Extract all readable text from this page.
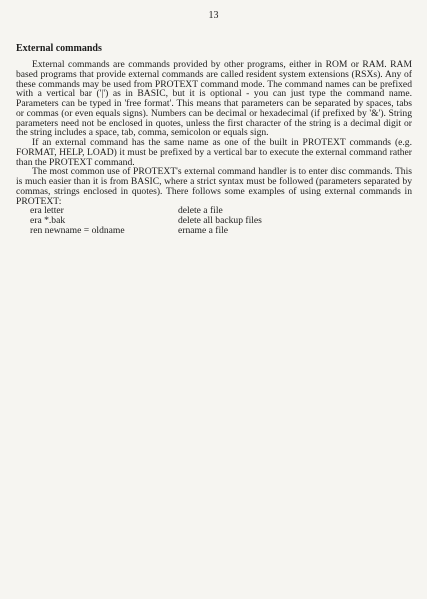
13
External commands

External commands are commands provided by other programs, either in ROM or RAM. RAM based programs that provide external commands are called resident system extensions (RSXs). Any of these commands may be used from PROTEXT command mode. The command names can be prefixed with a vertical bar ('|') as in BASIC, but it is optional - you can just type the command name. Parameters can be typed in 'free format'. This means that parameters can be separated by spaces, tabs or commas (or even equals signs). Numbers can be decimal or hexadecimal (if prefixed by '&'). String parameters need not be enclosed in quotes, unless the first character of the string is a decimal digit or the string includes a space, tab, comma, semicolon or equals sign.

If an external command has the same name as one of the built in PROTEXT commands (e.g. FORMAT, HELP, LOAD) it must be prefixed by a vertical bar to execute the external command rather than the PROTEXT command.

The most common use of PROTEXT's external command handler is to enter disc commands. This is much easier than it is from BASIC, where a strict syntax must be followed (parameters separated by commas, strings enclosed in quotes). There follows some examples of using external commands in PROTEXT:

era letter	delete a file
era *.bak	delete all backup files
ren newname = oldname	ername a file
